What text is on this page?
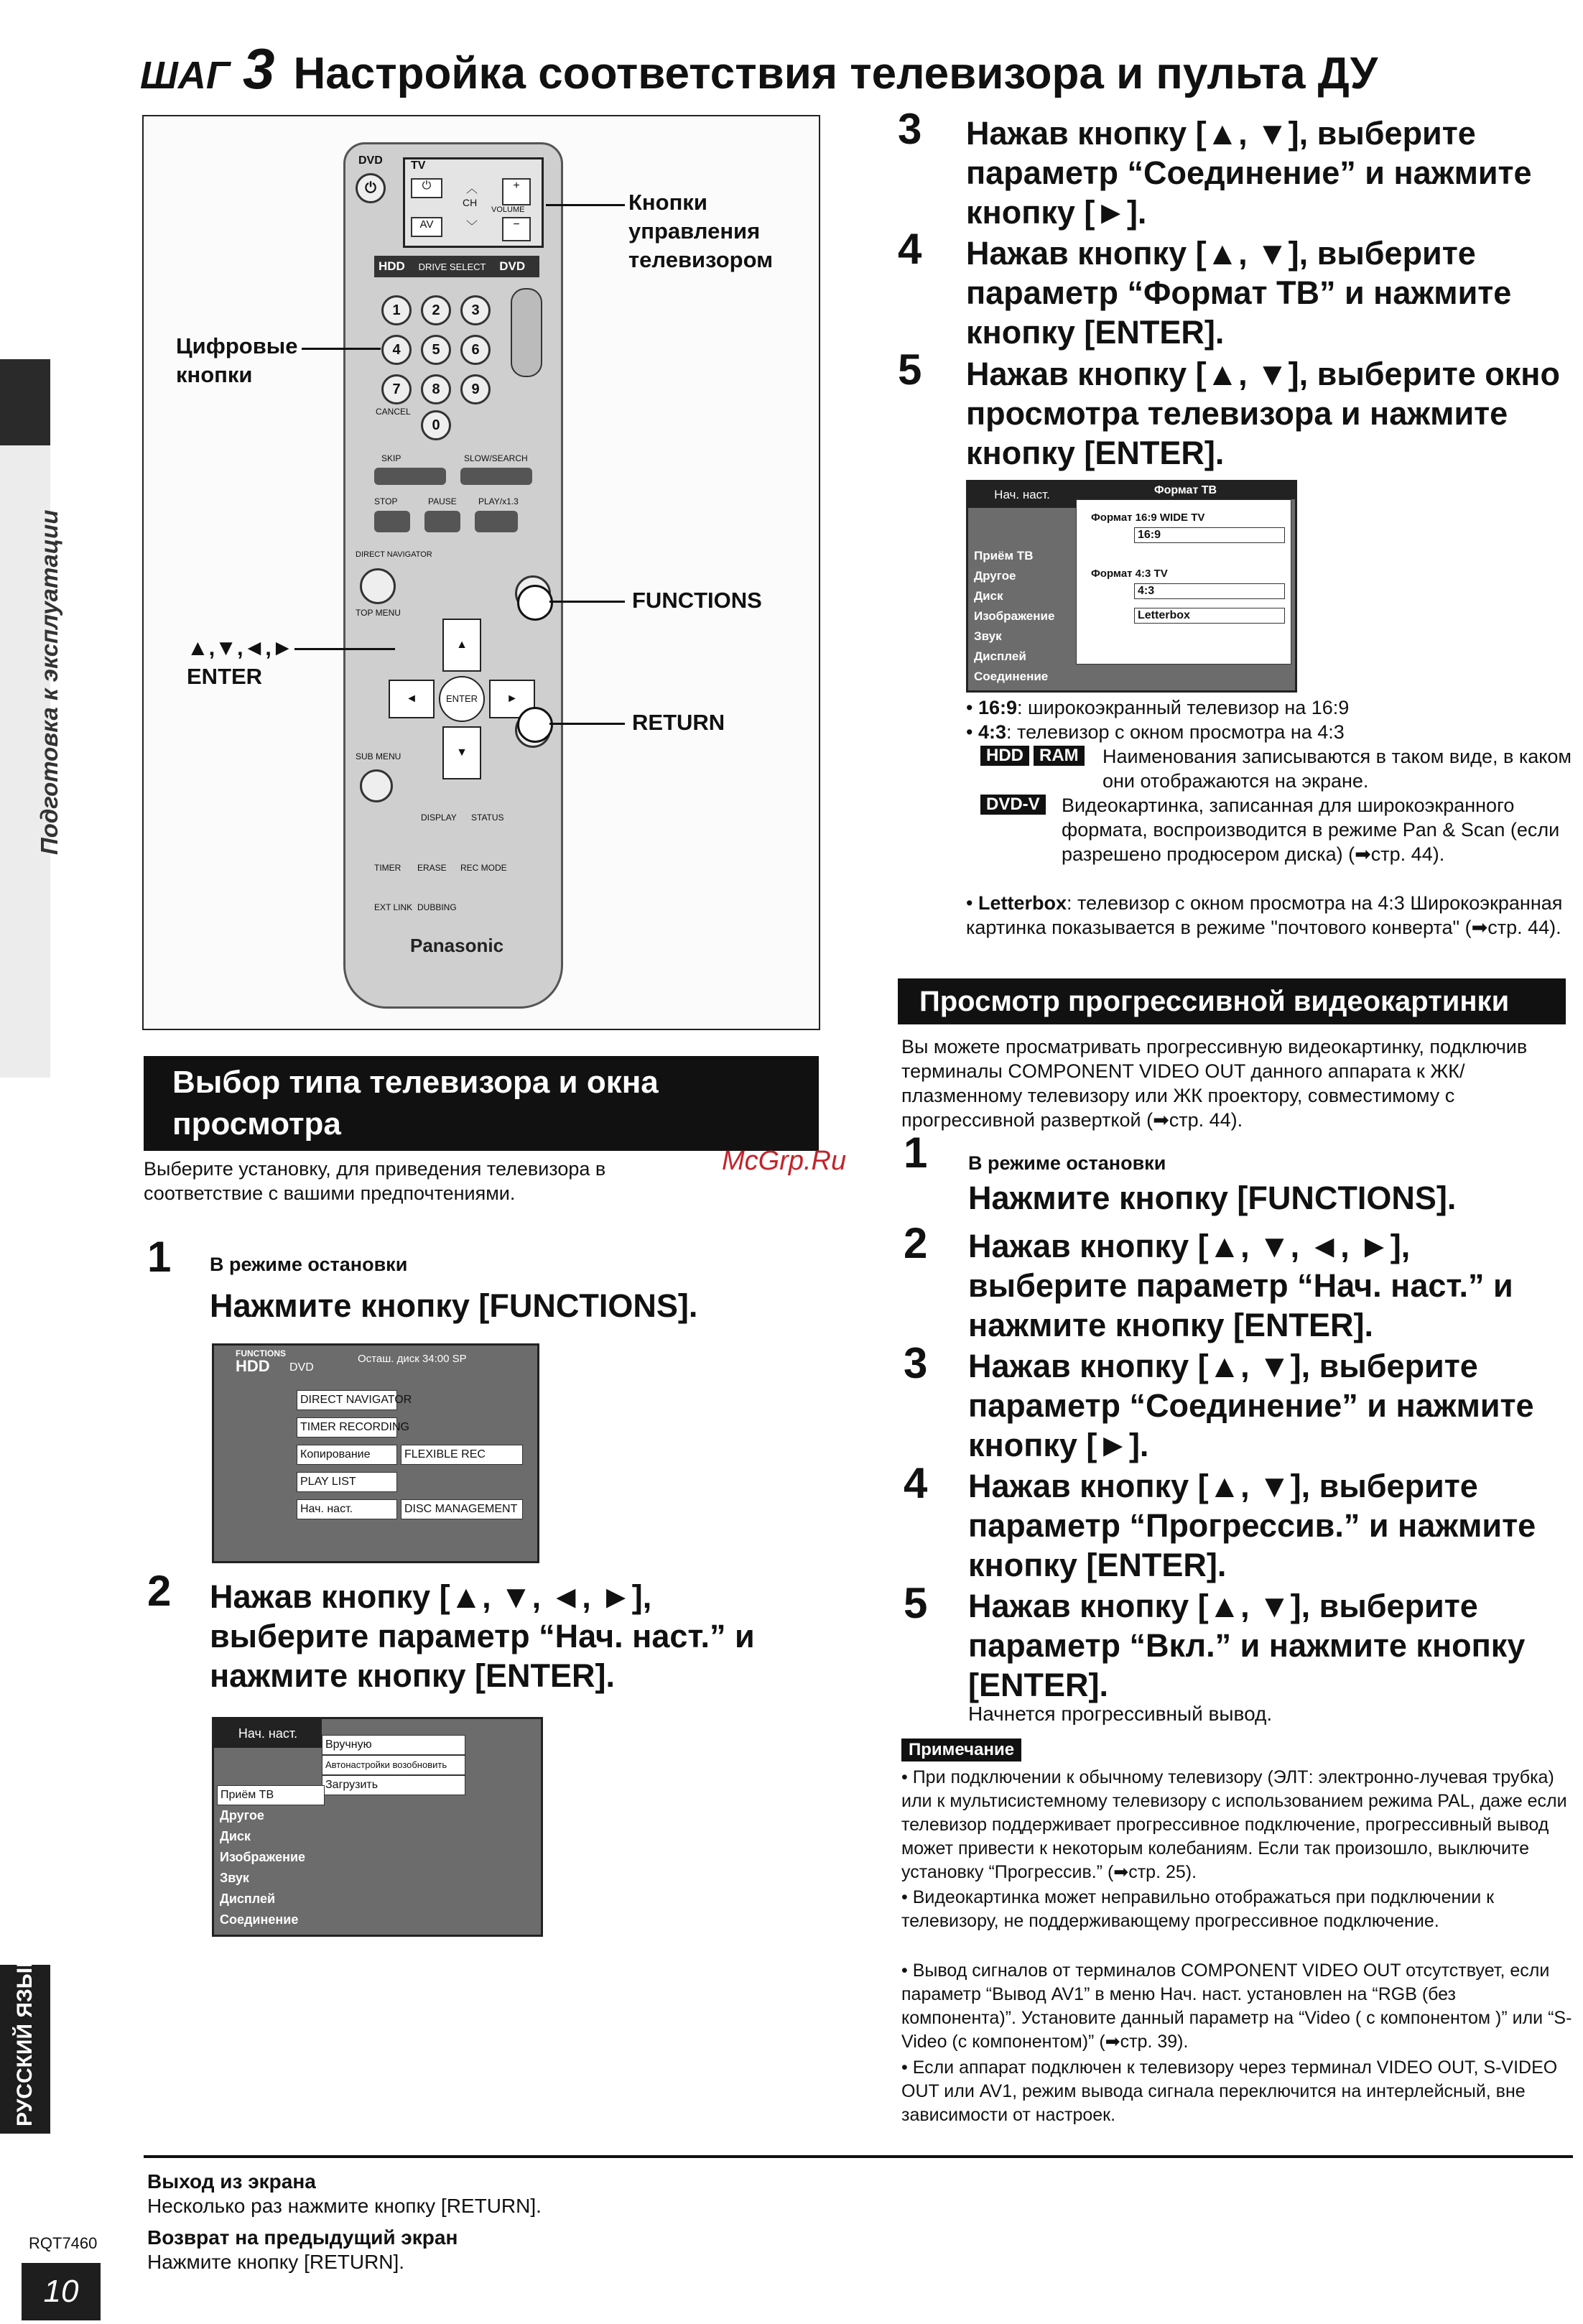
Подготовка к эксплуатации
РУССКИЙ ЯЗЫК
RQT7460
10
ШАГ 3 Настройка соответствия телевизора и пульта ДУ
DVD
⏻
TV
⏻
AV
︿
CH
﹀
+
VOLUME
−
HDD DRIVE SELECT DVD
1	2	3
4	5	6
7	8	9
0
CANCEL
SKIP	SLOW/SEARCH
STOP	PAUSE	PLAY/x1.3
DIRECT NAVIGATOR
TOP MENU
▲
◄	ENTER	►
▼
SUB MENU
DISPLAY STATUS
TIMER ERASE REC MODE
EXT LINK DUBBING
Panasonic
Кнопки управления телевизором
Цифровые кнопки
FUNCTIONS
▲,▼,◄,►
ENTER
RETURN
Выбор типа телевизора и окна просмотра
Выберите установку, для приведения телевизора в соответствие с вашими предпочтениями.
McGrp.Ru
1 В режиме остановки
Нажмите кнопку [FUNCTIONS].
FUNCTIONS
HDD DVD
Осташ. диск 34:00 SP
DIRECT NAVIGATOR
TIMER RECORDING
Копирование
PLAY LIST
Нач. наст.
FLEXIBLE REC
DISC MANAGEMENT
2 Нажав кнопку [▲, ▼, ◄, ►], выберите параметр “Нач. наст.” и нажмите кнопку [ENTER].
Нач. наст.
Вручную
Автонастройки возобновить
Загрузить
Приём ТВ
Другое
Диск
Изображение
Звук
Дисплей
Соединение
3 Нажав кнопку [▲, ▼], выберите параметр “Соединение” и нажмите кнопку [►].
4 Нажав кнопку [▲, ▼], выберите параметр “Формат ТВ” и нажмите кнопку [ENTER].
5 Нажав кнопку [▲, ▼], выберите окно просмотра телевизора и нажмите кнопку [ENTER].
Нач. наст.	Формат ТВ
Формат 16:9 WIDE TV
16:9
Формат 4:3 TV
4:3
Letterbox
Приём ТВ
Другое
Диск
Изображение
Звук
Дисплей
Соединение
• 16:9: широкоэкранный телевизор на 16:9
• 4:3: телевизор с окном просмотра на 4:3
HDD RAM	Наименования записываются в таком виде, в каком они отображаются на экране.
DVD-V	Видеокартинка, записанная для широкоэкранного формата, воспроизводится в режиме Pan & Scan (если разрешено продюсером диска) (➡стр. 44).
• Letterbox: телевизор с окном просмотра на 4:3 Широкоэкранная картинка показывается в режиме "почтового конверта" (➡стр. 44).
Просмотр прогрессивной видеокартинки
Вы можете просматривать прогрессивную видеокартинку, подключив терминалы COMPONENT VIDEO OUT данного аппарата к ЖК/плазменному телевизору или ЖК проектору, совместимому с прогрессивной разверткой (➡стр. 44).
1 В режиме остановки
Нажмите кнопку [FUNCTIONS].
2 Нажав кнопку [▲, ▼, ◄, ►], выберите параметр “Нач. наст.” и нажмите кнопку [ENTER].
3 Нажав кнопку [▲, ▼], выберите параметр “Соединение” и нажмите кнопку [►].
4 Нажав кнопку [▲, ▼], выберите параметр “Прогрессив.” и нажмите кнопку [ENTER].
5 Нажав кнопку [▲, ▼], выберите параметр “Вкл.” и нажмите кнопку [ENTER].
Начнется прогрессивный вывод.
Примечание
• При подключении к обычному телевизору (ЭЛТ: электронно-лучевая трубка) или к мультисистемному телевизору с использованием режима PAL, даже если телевизор поддерживает прогрессивное подключение, прогрессивный вывод может привести к некоторым колебаниям. Если так произошло, выключите установку “Прогрессив.” (➡стр. 25).
• Видеокартинка может неправильно отображаться при подключении к телевизору, не поддерживающему прогрессивное подключение.
• Вывод сигналов от терминалов COMPONENT VIDEO OUT отсутствует, если параметр “Вывод AV1” в меню Нач. наст. установлен на “RGB (без компонента)”. Установите данный параметр на “Video ( с компонентом )” или “S-Video (с компонентом)” (➡стр. 39).
• Если аппарат подключен к телевизору через терминал VIDEO OUT, S-VIDEO OUT или AV1, режим вывода сигнала переключится на интерлейсный, вне зависимости от настроек.
Выход из экрана
Несколько раз нажмите кнопку [RETURN].
Возврат на предыдущий экран
Нажмите кнопку [RETURN].
